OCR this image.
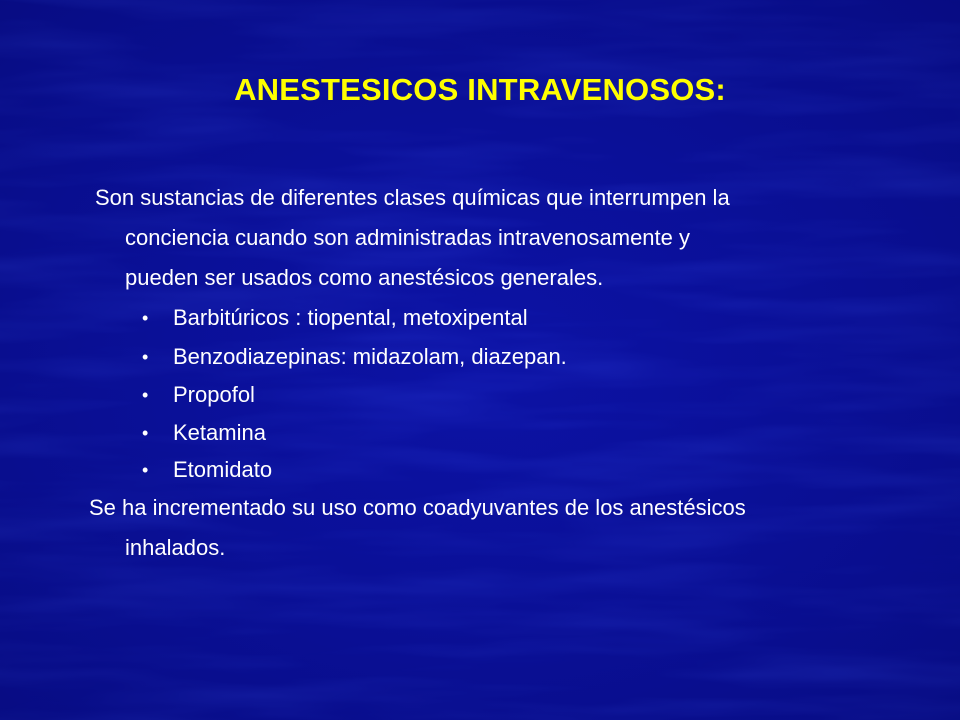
ANESTESICOS INTRAVENOSOS:
Son sustancias de diferentes clases químicas que interrumpen la
conciencia cuando son administradas intravenosamente y
pueden ser usados como anestésicos generales.
• Barbitúricos : tiopental, metoxipental
• Benzodiazepinas: midazolam, diazepan.
• Propofol
• Ketamina
• Etomidato
Se ha incrementado su uso como coadyuvantes de los anestésicos
inhalados.
